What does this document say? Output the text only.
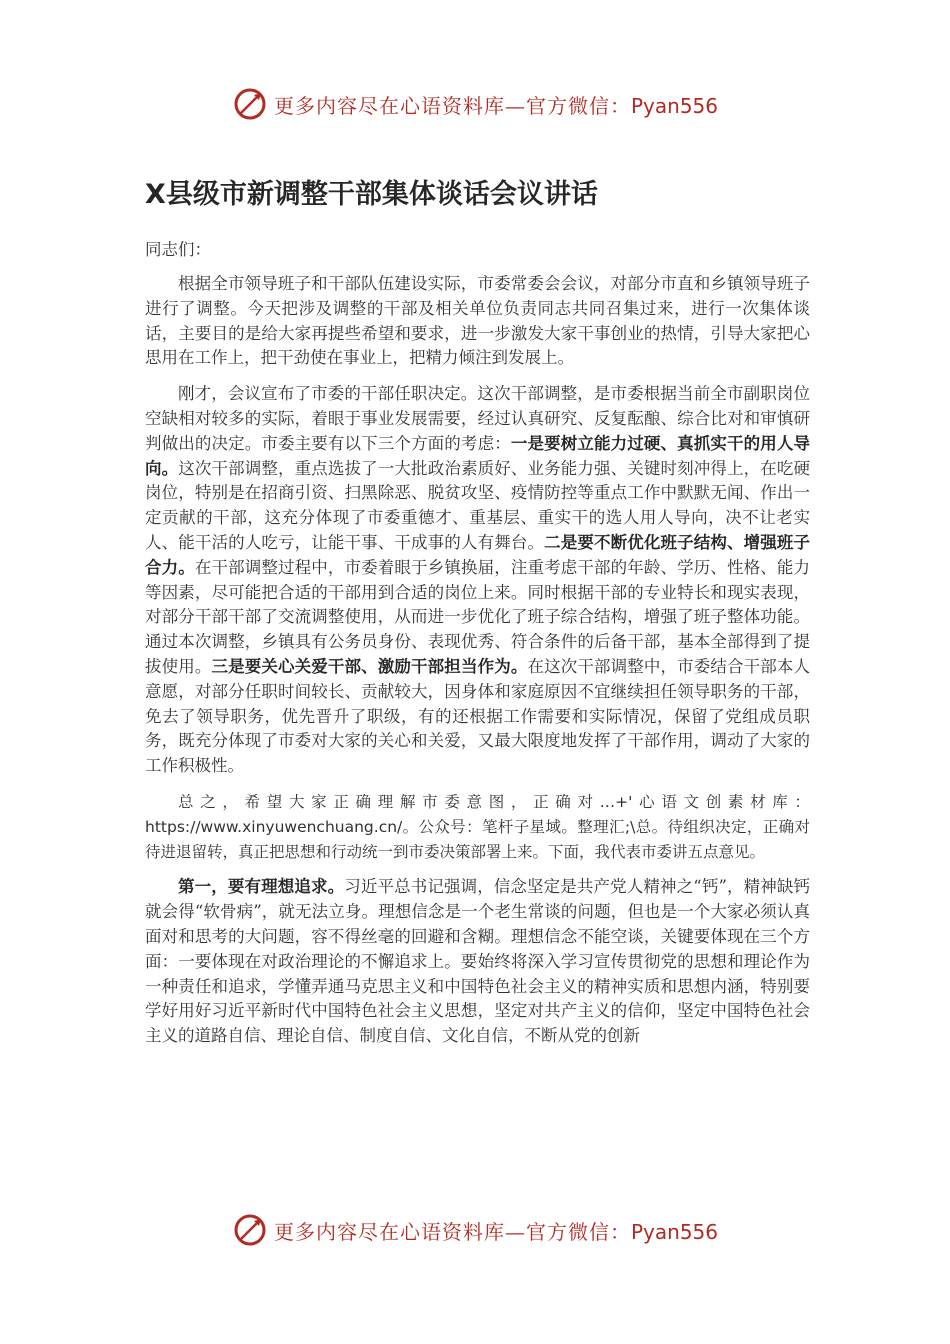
更多内容尽在心语资料库—官方微信：Pyan556
X县级市新调整干部集体谈话会议讲话
同志们：

根据全市领导班子和干部队伍建设实际，市委常委会会议，对部分市直和乡镇领导班子进行了调整。今天把涉及调整的干部及相关单位负责同志共同召集过来，进行一次集体谈话，主要目的是给大家再提些希望和要求，进一步激发大家干事创业的热情，引导大家把心思用在工作上，把干劲使在事业上，把精力倾注到发展上。

刚才，会议宣布了市委的干部任职决定。这次干部调整，是市委根据当前全市副职岗位空缺相对较多的实际，着眼于事业发展需要，经过认真研究、反复酝酿、综合比对和审慎研判做出的决定。市委主要有以下三个方面的考虑：一是要树立能力过硬、真抓实干的用人导向。这次干部调整，重点选拔了一大批政治素质好、业务能力强、关键时刻冲得上，在吃硬岗位，特别是在招商引资、扫黑除恶、脱贫攻坚、疫情防控等重点工作中默默无闻、作出一定贡献的干部，这充分体现了市委重德才、重基层、重实干的选人用人导向，决不让老实人、能干活的人吃亏，让能干事、干成事的人有舞台。二是要不断优化班子结构、增强班子合力。在干部调整过程中，市委着眼于乡镇换届，注重考虑干部的年龄、学历、性格、能力等因素，尽可能把合适的干部用到合适的岗位上来。同时根据干部的专业特长和现实表现，对部分干部干部了交流调整使用，从而进一步优化了班子综合结构，增强了班子整体功能。通过本次调整，乡镇具有公务员身份、表现优秀、符合条件的后备干部，基本全部得到了提拔使用。三是要关心关爱干部、激励干部担当作为。在这次干部调整中，市委结合干部本人意愿，对部分任职时间较长、贡献较大，因身体和家庭原因不宜继续担任领导职务的干部，免去了领导职务，优先晋升了职级，有的还根据工作需要和实际情况，保留了党组成员职务，既充分体现了市委对大家的关心和关爱，又最大限度地发挥了干部作用，调动了大家的工作积极性。

总之，希望大家正确理解市委意图，正确对…+'心语文创素材库：https://www.xinyuwenchuang.cn/。公众号：笔杆子星域。整理汇;\总。待组织决定，正确对待进退留转，真正把思想和行动统一到市委决策部署上来。下面，我代表市委讲五点意见。

第一，要有理想追求。习近平总书记强调，信念坚定是共产党人精神之“钙”，精神缺钙就会得“软骨病”，就无法立身。理想信念是一个老生常谈的问题，但也是一个大家必须认真面对和思考的大问题，容不得丝毫的回避和含糊。理想信念不能空谈，关键要体现在三个方面：一要体现在对政治理论的不懈追求上。要始终将深入学习宣传贯彻党的思想和理论作为一种责任和追求，学懂弄通马克思主义和中国特色社会主义的精神实质和思想内涵，特别要学好用好习近平新时代中国特色社会主义思想，坚定对共产主义的信仰，坚定中国特色社会主义的道路自信、理论自信、制度自信、文化自信，不断从党的创新

更多内容尽在心语资料库—官方微信：Pyan556
